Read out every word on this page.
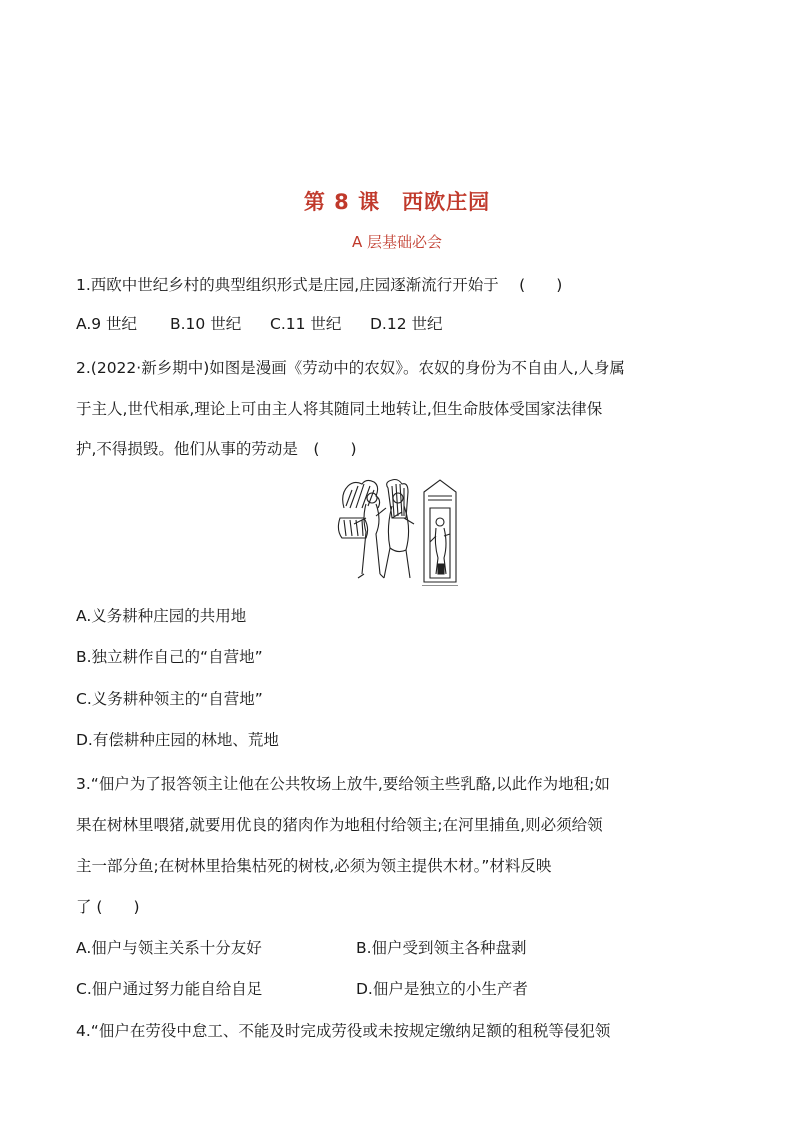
第 8 课 西欧庄园
A 层基础必会
1.西欧中世纪乡村的典型组织形式是庄园,庄园逐渐流行开始于　 (　　)
A.9 世纪 B.10 世纪 C.11 世纪 D.12 世纪
2.(2022·新乡期中)如图是漫画《劳动中的农奴》。农奴的身份为不自由人,人身属
于主人,世代相承,理论上可由主人将其随同土地转让,但生命肢体受国家法律保
护,不得损毁。他们从事的劳动是　(　　)
A.义务耕种庄园的共用地
B.独立耕作自己的“自营地”
C.义务耕种领主的“自营地”
D.有偿耕种庄园的林地、荒地
3.“佃户为了报答领主让他在公共牧场上放牛,要给领主些乳酪,以此作为地租;如
果在树林里喂猪,就要用优良的猪肉作为地租付给领主;在河里捕鱼,则必须给领
主一部分鱼;在树林里拾集枯死的树枝,必须为领主提供木材。”材料反映
了 (　　)
A.佃户与领主关系十分友好	B.佃户受到领主各种盘剥
C.佃户通过努力能自给自足	D.佃户是独立的小生产者
4.“佃户在劳役中怠工、不能及时完成劳役或未按规定缴纳足额的租税等侵犯领
